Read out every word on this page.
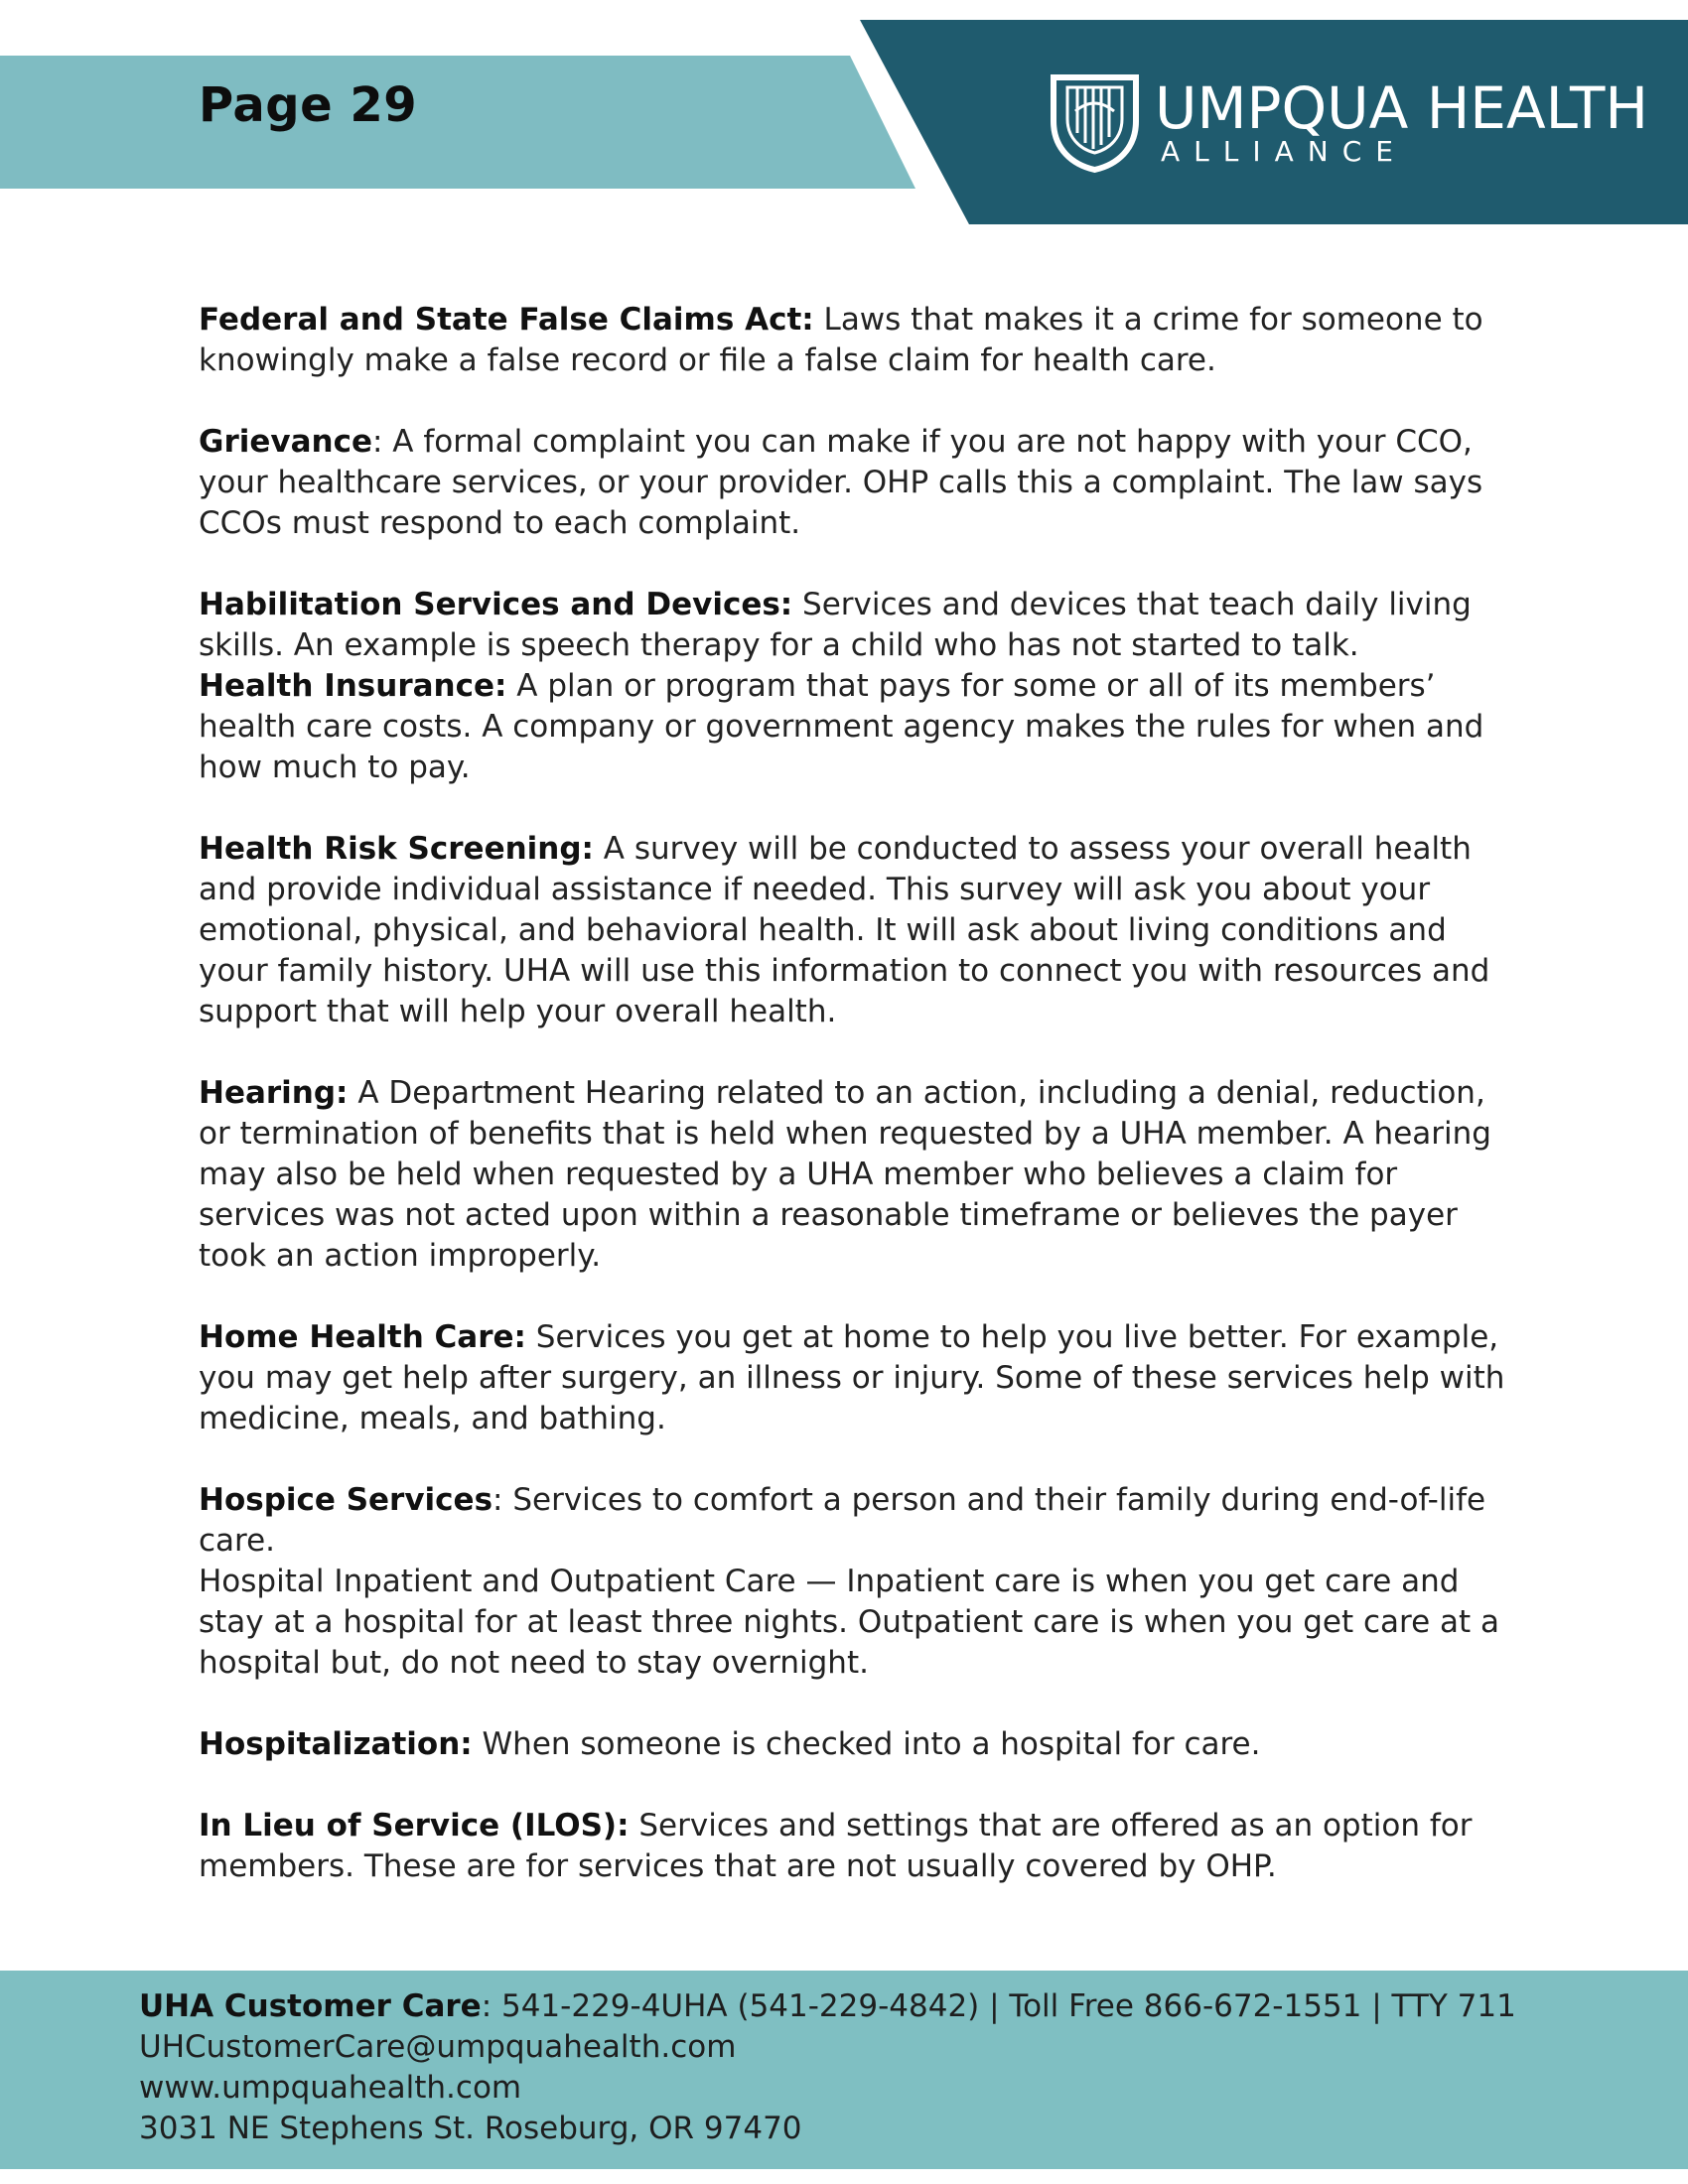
Page 29	UMPQUA HEALTH
ALLIANCE

Federal and State False Claims Act: Laws that makes it a crime for someone to knowingly make a false record or file a false claim for health care.

Grievance: A formal complaint you can make if you are not happy with your CCO, your healthcare services, or your provider. OHP calls this a complaint. The law says CCOs must respond to each complaint.

Habilitation Services and Devices: Services and devices that teach daily living skills. An example is speech therapy for a child who has not started to talk.

Health Insurance: A plan or program that pays for some or all of its members’ health care costs. A company or government agency makes the rules for when and how much to pay.

Health Risk Screening: A survey will be conducted to assess your overall health and provide individual assistance if needed. This survey will ask you about your emotional, physical, and behavioral health. It will ask about living conditions and your family history. UHA will use this information to connect you with resources and support that will help your overall health.

Hearing: A Department Hearing related to an action, including a denial, reduction, or termination of benefits that is held when requested by a UHA member. A hearing may also be held when requested by a UHA member who believes a claim for services was not acted upon within a reasonable timeframe or believes the payer took an action improperly.

Home Health Care: Services you get at home to help you live better. For example, you may get help after surgery, an illness or injury. Some of these services help with medicine, meals, and bathing.

Hospice Services: Services to comfort a person and their family during end-of-life care.

Hospital Inpatient and Outpatient Care — Inpatient care is when you get care and stay at a hospital for at least three nights. Outpatient care is when you get care at a hospital but, do not need to stay overnight.

Hospitalization: When someone is checked into a hospital for care.

In Lieu of Service (ILOS): Services and settings that are offered as an option for members. These are for services that are not usually covered by OHP.

UHA Customer Care: 541-229-4UHA (541-229-4842) | Toll Free 866-672-1551 | TTY 711
UHCustomerCare@umpquahealth.com
www.umpquahealth.com
3031 NE Stephens St. Roseburg, OR 97470
